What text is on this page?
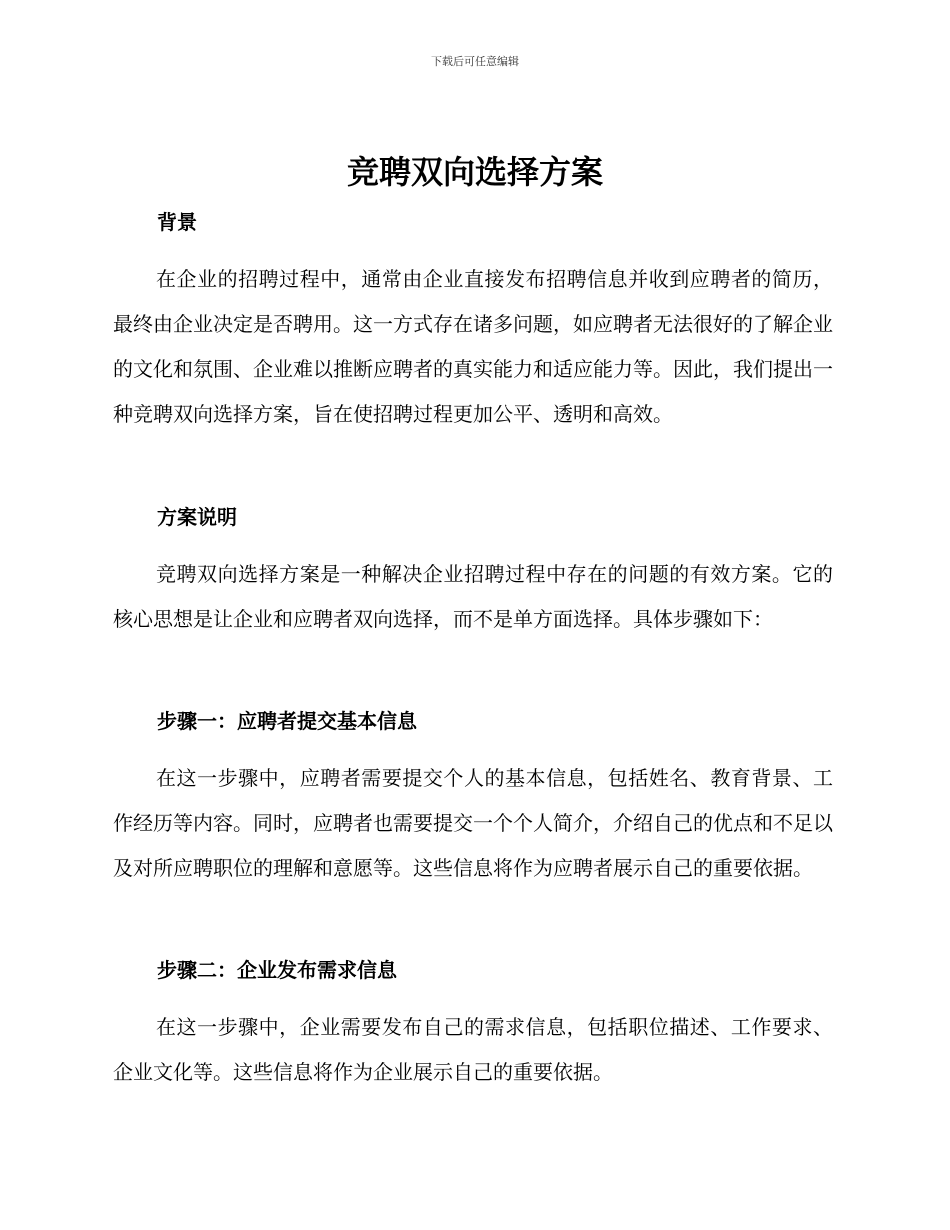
下载后可任意编辑
竞聘双向选择方案
背景
在企业的招聘过程中，通常由企业直接发布招聘信息并收到应聘者的简历，最终由企业决定是否聘用。这一方式存在诸多问题，如应聘者无法很好的了解企业的文化和氛围、企业难以推断应聘者的真实能力和适应能力等。因此，我们提出一种竞聘双向选择方案，旨在使招聘过程更加公平、透明和高效。
方案说明
竞聘双向选择方案是一种解决企业招聘过程中存在的问题的有效方案。它的核心思想是让企业和应聘者双向选择，而不是单方面选择。具体步骤如下：
步骤一：应聘者提交基本信息
在这一步骤中，应聘者需要提交个人的基本信息，包括姓名、教育背景、工作经历等内容。同时，应聘者也需要提交一个个人简介，介绍自己的优点和不足以及对所应聘职位的理解和意愿等。这些信息将作为应聘者展示自己的重要依据。
步骤二：企业发布需求信息
在这一步骤中，企业需要发布自己的需求信息，包括职位描述、工作要求、企业文化等。这些信息将作为企业展示自己的重要依据。
